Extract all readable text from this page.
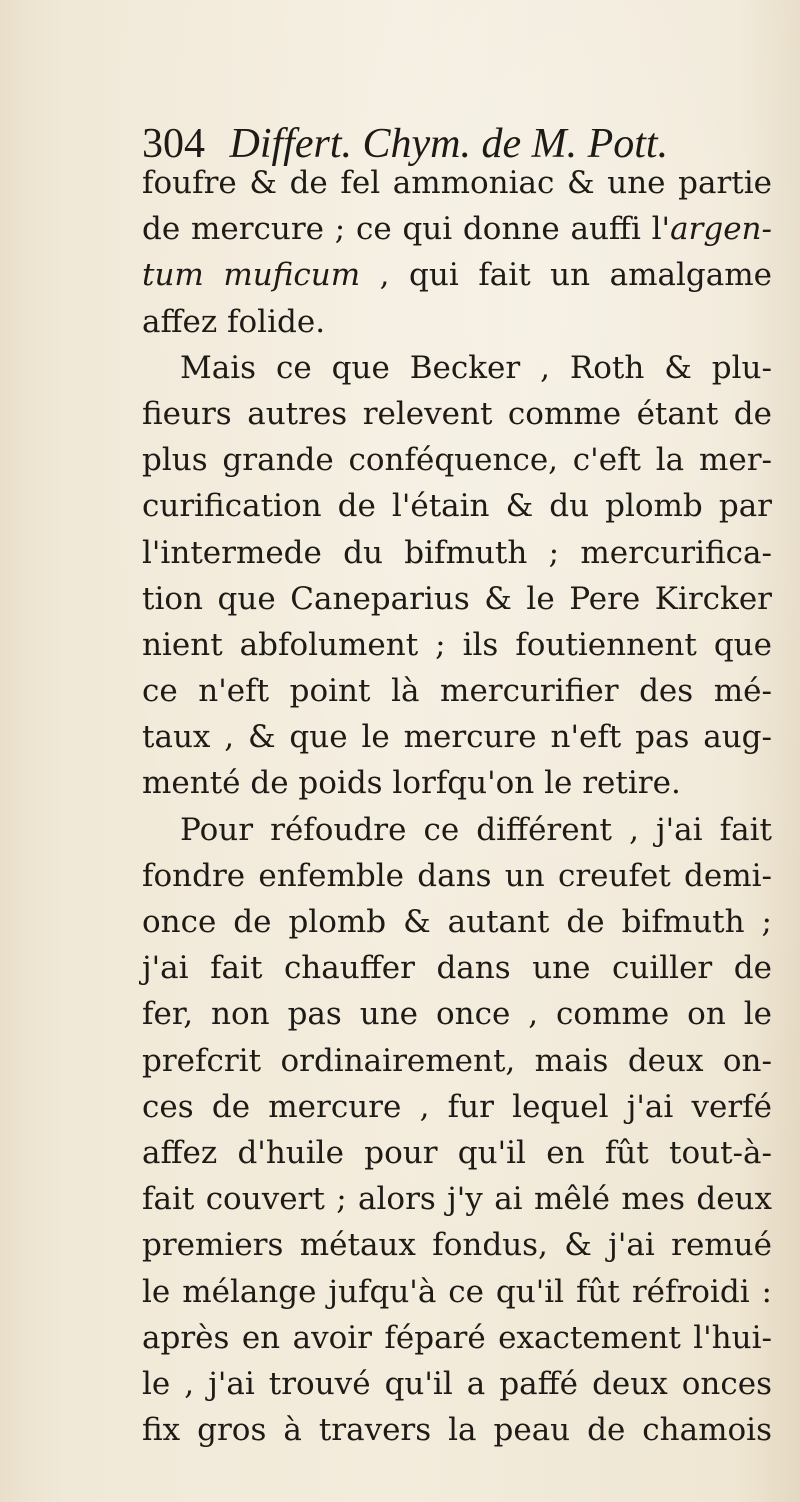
304 Differt. Chym. de M. Pott.
foufre & de fel ammoniac & une partie
de mercure ; ce qui donne auffi l'argen-
tum muficum , qui fait un amalgame
affez folide.
Mais ce que Becker , Roth & plu-
fieurs autres relevent comme étant de
plus grande conféquence, c'eft la mer-
curification de l'étain & du plomb par
l'intermede du bifmuth ; mercurifica-
tion que Caneparius & le Pere Kircker
nient abfolument ; ils foutiennent que
ce n'eft point là mercurifier des mé-
taux , & que le mercure n'eft pas aug-
menté de poids lorfqu'on le retire.
Pour réfoudre ce différent , j'ai fait
fondre enfemble dans un creufet demi-
once de plomb & autant de bifmuth ;
j'ai fait chauffer dans une cuiller de
fer, non pas une once , comme on le
prefcrit ordinairement, mais deux on-
ces de mercure , fur lequel j'ai verfé
affez d'huile pour qu'il en fût tout-à-
fait couvert ; alors j'y ai mêlé mes deux
premiers métaux fondus, & j'ai remué
le mélange jufqu'à ce qu'il fût réfroidi :
après en avoir féparé exactement l'hui-
le , j'ai trouvé qu'il a paffé deux onces
fix gros à travers la peau de chamois
